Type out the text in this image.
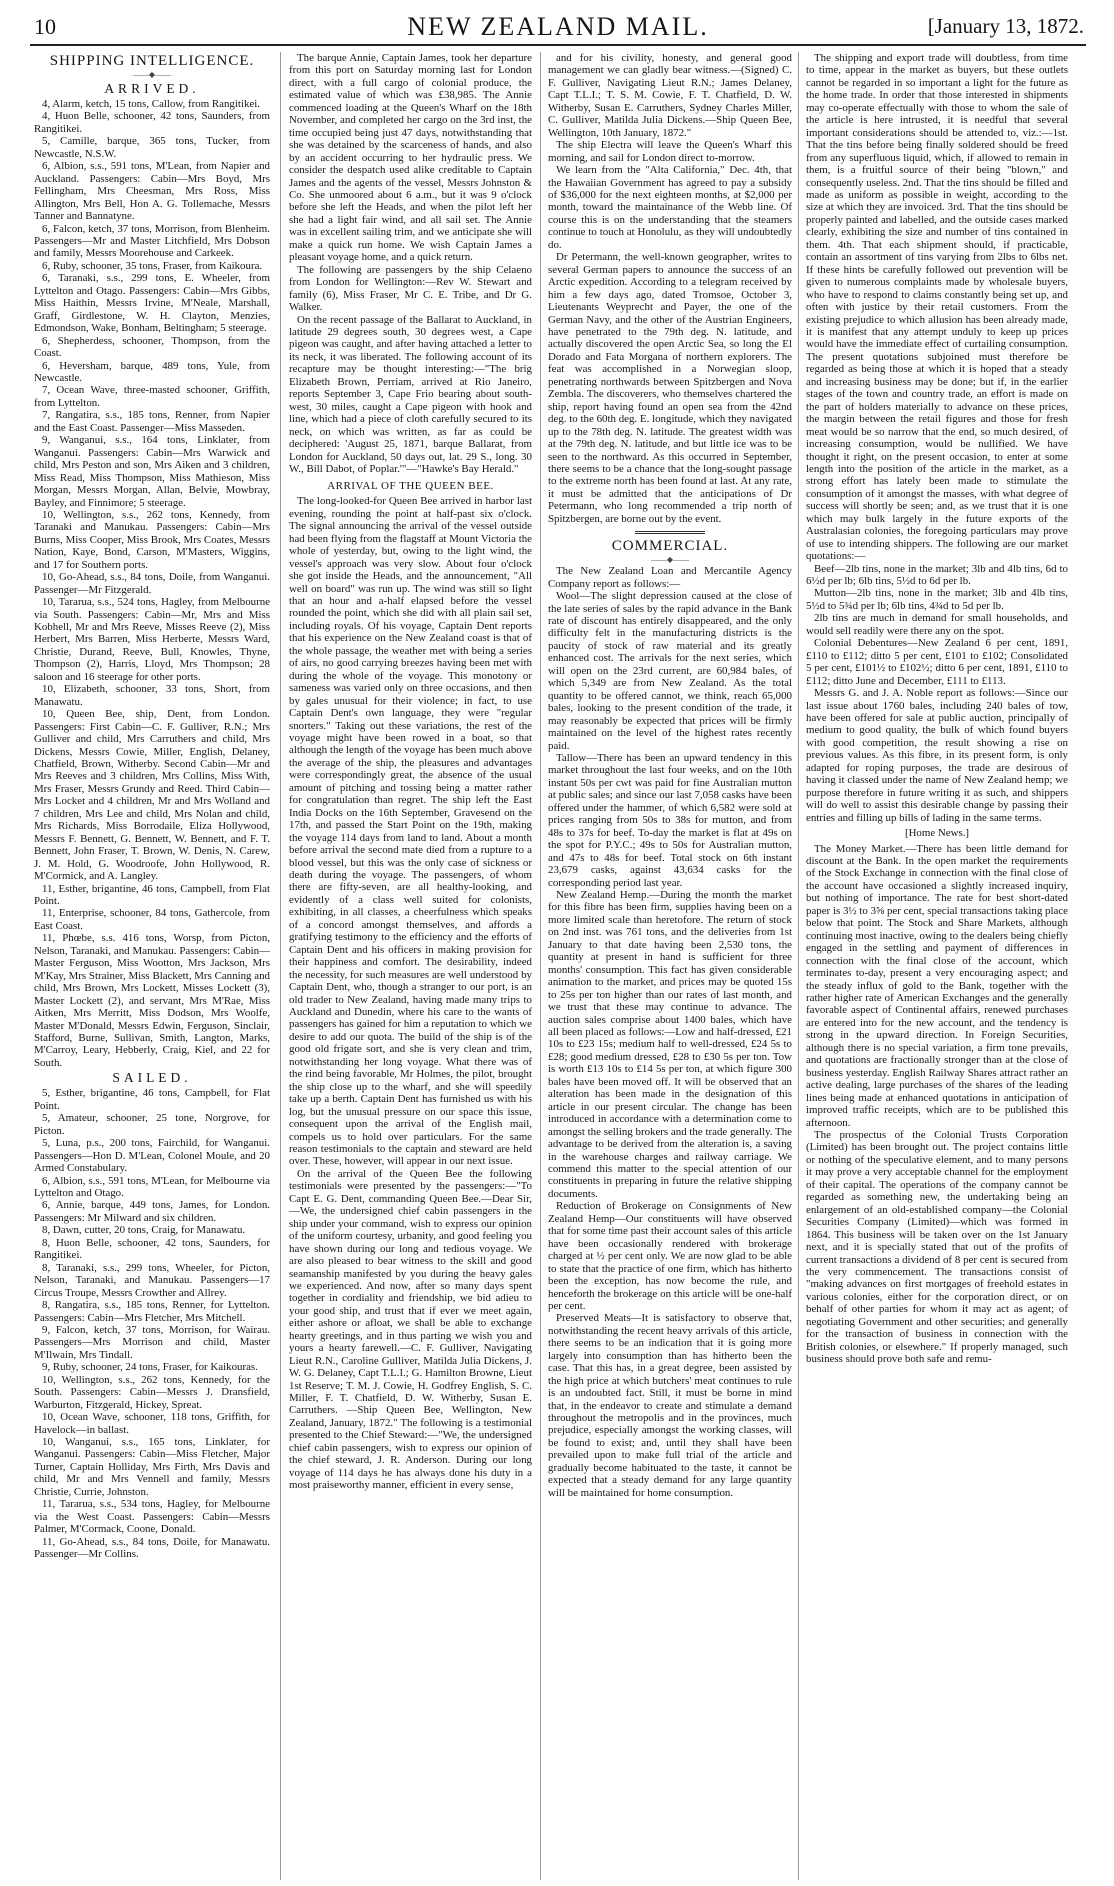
10	NEW ZEALAND MAIL.	[January 13, 1872.
SHIPPING INTELLIGENCE.
——◆——
ARRIVED.

4, Alarm, ketch, 15 tons, Callow, from Rangitikei.

4, Huon Belle, schooner, 42 tons, Saunders, from Rangitikei.

5, Camille, barque, 365 tons, Tucker, from Newcastle, N.S.W.

6, Albion, s.s., 591 tons, M'Lean, from Napier and Auckland. Passengers: Cabin—Mrs Boyd, Mrs Fellingham, Mrs Cheesman, Mrs Ross, Miss Allington, Mrs Bell, Hon A. G. Tollemache, Messrs Tanner and Bannatyne.

6, Falcon, ketch, 37 tons, Morrison, from Blenheim. Passengers—Mr and Master Litchfield, Mrs Dobson and family, Messrs Moorehouse and Carkeek.

6, Ruby, schooner, 35 tons, Fraser, from Kaikoura.

6, Taranaki, s.s., 299 tons, E. Wheeler, from Lyttelton and Otago. Passengers: Cabin—Mrs Gibbs, Miss Haithin, Messrs Irvine, M'Neale, Marshall, Graff, Girdlestone, W. H. Clayton, Menzies, Edmondson, Wake, Bonham, Beltingham; 5 steerage.

6, Shepherdess, schooner, Thompson, from the Coast.

6, Heversham, barque, 489 tons, Yule, from Newcastle.

7, Ocean Wave, three-masted schooner, Griffith, from Lyttelton.

7, Rangatira, s.s., 185 tons, Renner, from Napier and the East Coast. Passenger—Miss Masseden.

9, Wanganui, s.s., 164 tons, Linklater, from Wanganui. Passengers: Cabin—Mrs Warwick and child, Mrs Peston and son, Mrs Aiken and 3 children, Miss Read, Miss Thompson, Miss Mathieson, Miss Morgan, Messrs Morgan, Allan, Belvie, Mowbray, Bayley, and Finnimore; 5 steerage.

10, Wellington, s.s., 262 tons, Kennedy, from Taranaki and Manukau. Passengers: Cabin—Mrs Burns, Miss Cooper, Miss Brook, Mrs Coates, Messrs Nation, Kaye, Bond, Carson, M'Masters, Wiggins, and 17 for Southern ports.

10, Go-Ahead, s.s., 84 tons, Doile, from Wanganui. Passenger—Mr Fitzgerald.

10, Tararua, s.s., 524 tons, Hagley, from Melbourne via South. Passengers: Cabin—Mr, Mrs and Miss Kobhell, Mr and Mrs Reeve, Misses Reeve (2), Miss Herbert, Mrs Barren, Miss Herberte, Messrs Ward, Christie, Durand, Reeve, Bull, Knowles, Thyne, Thompson (2), Harris, Lloyd, Mrs Thompson; 28 saloon and 16 steerage for other ports.

10, Elizabeth, schooner, 33 tons, Short, from Manawatu.

10, Queen Bee, ship, Dent, from London. Passengers: First Cabin—C. F. Gulliver, R.N.; Mrs Gulliver and child, Mrs Carruthers and child, Mrs Dickens, Messrs Cowie, Miller, English, Delaney, Chatfield, Brown, Witherby. Second Cabin—Mr and Mrs Reeves and 3 children, Mrs Collins, Miss With, Mrs Fraser, Messrs Grundy and Reed. Third Cabin—Mrs Locket and 4 children, Mr and Mrs Wolland and 7 children, Mrs Lee and child, Mrs Nolan and child, Mrs Richards, Miss Borrodaile, Eliza Hollywood, Messrs F. Bennett, G. Bennett, W. Bennett, and F. T. Bennett, John Fraser, T. Brown, W. Denis, N. Carew, J. M. Hold, G. Woodroofe, John Hollywood, R. M'Cormick, and A. Langley.

11, Esther, brigantine, 46 tons, Campbell, from Flat Point.

11, Enterprise, schooner, 84 tons, Gathercole, from East Coast.

11, Phœbe, s.s. 416 tons, Worsp, from Picton, Nelson, Taranaki, and Manukau. Passengers: Cabin—Master Ferguson, Miss Wootton, Mrs Jackson, Mrs M'Kay, Mrs Strainer, Miss Blackett, Mrs Canning and child, Mrs Brown, Mrs Lockett, Misses Lockett (3), Master Lockett (2), and servant, Mrs M'Rae, Miss Aitken, Mrs Merritt, Miss Dodson, Mrs Woolfe, Master M'Donald, Messrs Edwin, Ferguson, Sinclair, Stafford, Burne, Sullivan, Smith, Langton, Marks, M'Carroy, Leary, Hebberly, Craig, Kiel, and 22 for South.

SAILED.

5, Esther, brigantine, 46 tons, Campbell, for Flat Point.

5, Amateur, schooner, 25 tone, Norgrove, for Picton.

5, Luna, p.s., 200 tons, Fairchild, for Wanganui. Passengers—Hon D. M'Lean, Colonel Moule, and 20 Armed Constabulary.

6, Albion, s.s., 591 tons, M'Lean, for Melbourne via Lyttelton and Otago.

6, Annie, barque, 449 tons, James, for London. Passengers: Mr Milward and six children.

8, Dawn, cutter, 20 tons, Craig, for Manawatu.

8, Huon Belle, schooner, 42 tons, Saunders, for Rangitikei.

8, Taranaki, s.s., 299 tons, Wheeler, for Picton, Nelson, Taranaki, and Manukau. Passengers—17 Circus Troupe, Messrs Crowther and Allrey.

8, Rangatira, s.s., 185 tons, Renner, for Lyttelton. Passengers: Cabin—Mrs Fletcher, Mrs Mitchell.

9, Falcon, ketch, 37 tons, Morrison, for Wairau. Passengers—Mrs Morrison and child, Master M'Ilwain, Mrs Tindall.

9, Ruby, schooner, 24 tons, Fraser, for Kaikouras.

10, Wellington, s.s., 262 tons, Kennedy, for the South. Passengers: Cabin—Messrs J. Dransfield, Warburton, Fitzgerald, Hickey, Spreat.

10, Ocean Wave, schooner, 118 tons, Griffith, for Havelock—in ballast.

10, Wanganui, s.s., 165 tons, Linklater, for Wanganui. Passengers: Cabin—Miss Fletcher, Major Turner, Captain Holliday, Mrs Firth, Mrs Davis and child, Mr and Mrs Vennell and family, Messrs Christie, Currie, Johnston.

11, Tararua, s.s., 534 tons, Hagley, for Melbourne via the West Coast. Passengers: Cabin—Messrs Palmer, M'Cormack, Coone, Donald.

11, Go-Ahead, s.s., 84 tons, Doile, for Manawatu. Passenger—Mr Collins.

The barque Annie, Captain James, took her departure from this port on Saturday morning last for London direct, with a full cargo of colonial produce, the estimated value of which was £38,985. The Annie commenced loading at the Queen's Wharf on the 18th November, and completed her cargo on the 3rd inst, the time occupied being just 47 days, notwithstanding that she was detained by the scarceness of hands, and also by an accident occurring to her hydraulic press. We consider the despatch used alike creditable to Captain James and the agents of the vessel, Messrs Johnston & Co. She unmoored about 6 a.m., but it was 9 o'clock before she left the Heads, and when the pilot left her she had a light fair wind, and all sail set. The Annie was in excellent sailing trim, and we anticipate she will make a quick run home. We wish Captain James a pleasant voyage home, and a quick return.

The following are passengers by the ship Celaeno from London for Wellington:—Rev W. Stewart and family (6), Miss Fraser, Mr C. E. Tribe, and Dr G. Walker.

On the recent passage of the Ballarat to Auckland, in latitude 29 degrees south, 30 degrees west, a Cape pigeon was caught, and after having attached a letter to its neck, it was liberated. The following account of its recapture may be thought interesting:—"The brig Elizabeth Brown, Perriam, arrived at Rio Janeiro, reports September 3, Cape Frio bearing about south-west, 30 miles, caught a Cape pigeon with hook and line, which had a piece of cloth carefully secured to its neck, on which was written, as far as could be deciphered: 'August 25, 1871, barque Ballarat, from London for Auckland, 50 days out, lat. 29 S., long. 30 W., Bill Dabot, of Poplar.'"—"Hawke's Bay Herald."

ARRIVAL OF THE QUEEN BEE.

The long-looked-for Queen Bee arrived in harbor last evening, rounding the point at half-past six o'clock. The signal announcing the arrival of the vessel outside had been flying from the flagstaff at Mount Victoria the whole of yesterday, but, owing to the light wind, the vessel's approach was very slow. About four o'clock she got inside the Heads, and the announcement, "All well on board" was run up. The wind was still so light that an hour and a-half elapsed before the vessel rounded the point, which she did with all plain sail set, including royals. Of his voyage, Captain Dent reports that his experience on the New Zealand coast is that of the whole passage, the weather met with being a series of airs, no good carrying breezes having been met with during the whole of the voyage. This monotony or sameness was varied only on three occasions, and then by gales unusual for their violence; in fact, to use Captain Dent's own language, they were "regular snorters." Taking out these variations, the rest of the voyage might have been rowed in a boat, so that although the length of the voyage has been much above the average of the ship, the pleasures and advantages were correspondingly great, the absence of the usual amount of pitching and tossing being a matter rather for congratulation than regret. The ship left the East India Docks on the 16th September, Gravesend on the 17th, and passed the Start Point on the 19th, making the voyage 114 days from land to land. About a month before arrival the second mate died from a rupture to a blood vessel, but this was the only case of sickness or death during the voyage. The passengers, of whom there are fifty-seven, are all healthy-looking, and evidently of a class well suited for colonists, exhibiting, in all classes, a cheerfulness which speaks of a concord amongst themselves, and affords a gratifying testimony to the efficiency and the efforts of Captain Dent and his officers in making provision for their happiness and comfort. The desirability, indeed the necessity, for such measures are well understood by Captain Dent, who, though a stranger to our port, is an old trader to New Zealand, having made many trips to Auckland and Dunedin, where his care to the wants of passengers has gained for him a reputation to which we desire to add our quota. The build of the ship is of the good old frigate sort, and she is very clean and trim, notwithstanding her long voyage. What there was of the rind being favorable, Mr Holmes, the pilot, brought the ship close up to the wharf, and she will speedily take up a berth. Captain Dent has furnished us with his log, but the unusual pressure on our space this issue, consequent upon the arrival of the English mail, compels us to hold over particulars. For the same reason testimonials to the captain and steward are held over. These, however, will appear in our next issue.

On the arrival of the Queen Bee the following testimonials were presented by the passengers:—"To Capt E. G. Dent, commanding Queen Bee.—Dear Sir,—We, the undersigned chief cabin passengers in the ship under your command, wish to express our opinion of the uniform courtesy, urbanity, and good feeling you have shown during our long and tedious voyage. We are also pleased to bear witness to the skill and good seamanship manifested by you during the heavy gales we experienced. And now, after so many days spent together in cordiality and friendship, we bid adieu to your good ship, and trust that if ever we meet again, either ashore or afloat, we shall be able to exchange hearty greetings, and in thus parting we wish you and yours a hearty farewell.—C. F. Gulliver, Navigating Lieut R.N., Caroline Gulliver, Matilda Julia Dickens, J. W. G. Delaney, Capt T.L.I.; G. Hamilton Browne, Lieut 1st Reserve; T. M. J. Cowie, H. Godfrey English, S. C. Miller, F. T. Chatfield, D. W. Witherby, Susan E. Carruthers. —Ship Queen Bee, Wellington, New Zealand, January, 1872." The following is a testimonial presented to the Chief Steward:—"We, the undersigned chief cabin passengers, wish to express our opinion of the chief steward, J. R. Anderson. During our long voyage of 114 days he has always done his duty in a most praiseworthy manner, efficient in every sense,

and for his civility, honesty, and general good management we can gladly bear witness.—(Signed) C. F. Gulliver, Navigating Lieut R.N.; James Delaney, Capt T.L.I.; T. S. M. Cowie, F. T. Chatfield, D. W. Witherby, Susan E. Carruthers, Sydney Charles Miller, C. Gulliver, Matilda Julia Dickens.—Ship Queen Bee, Wellington, 10th January, 1872."

The ship Electra will leave the Queen's Wharf this morning, and sail for London direct to-morrow.

We learn from the "Alta California," Dec. 4th, that the Hawaiian Government has agreed to pay a subsidy of $36,000 for the next eighteen months, at $2,000 per month, toward the maintainance of the Webb line. Of course this is on the understanding that the steamers continue to touch at Honolulu, as they will undoubtedly do.

Dr Petermann, the well-known geographer, writes to several German papers to announce the success of an Arctic expedition. According to a telegram received by him a few days ago, dated Tromsoe, October 3, Lieutenants Weyprecht and Payer, the one of the German Navy, and the other of the Austrian Engineers, have penetrated to the 79th deg. N. latitude, and actually discovered the open Arctic Sea, so long the El Dorado and Fata Morgana of northern explorers. The feat was accomplished in a Norwegian sloop, penetrating northwards between Spitzbergen and Nova Zembla. The discoverers, who themselves chartered the ship, report having found an open sea from the 42nd deg. to the 60th deg. E. longitude, which they navigated up to the 78th deg. N. latitude. The greatest width was at the 79th deg. N. latitude, and but little ice was to be seen to the northward. As this occurred in September, there seems to be a chance that the long-sought passage to the extreme north has been found at last. At any rate, it must be admitted that the anticipations of Dr Petermann, who long recommended a trip north of Spitzbergen, are borne out by the event.

COMMERCIAL.
——◆——

The New Zealand Loan and Mercantile Agency Company report as follows:—

Wool—The slight depression caused at the close of the late series of sales by the rapid advance in the Bank rate of discount has entirely disappeared, and the only difficulty felt in the manufacturing districts is the paucity of stock of raw material and its greatly enhanced cost. The arrivals for the next series, which will open on the 23rd current, are 60,984 bales, of which 5,349 are from New Zealand. As the total quantity to be offered cannot, we think, reach 65,000 bales, looking to the present condition of the trade, it may reasonably be expected that prices will be firmly maintained on the level of the highest rates recently paid.

Tallow—There has been an upward tendency in this market throughout the last four weeks, and on the 10th instant 50s per cwt was paid for fine Australian mutton at public sales; and since our last 7,058 casks have been offered under the hammer, of which 6,582 were sold at prices ranging from 50s to 38s for mutton, and from 48s to 37s for beef. To-day the market is flat at 49s on the spot for P.Y.C.; 49s to 50s for Australian mutton, and 47s to 48s for beef. Total stock on 6th instant 23,679 casks, against 43,634 casks for the corresponding period last year.

New Zealand Hemp.—During the month the market for this fibre has been firm, supplies having been on a more limited scale than heretofore. The return of stock on 2nd inst. was 761 tons, and the deliveries from 1st January to that date having been 2,530 tons, the quantity at present in hand is sufficient for three months' consumption. This fact has given considerable animation to the market, and prices may be quoted 15s to 25s per ton higher than our rates of last month, and we trust that these may continue to advance. The auction sales comprise about 1400 bales, which have all been placed as follows:—Low and half-dressed, £21 10s to £23 15s; medium half to well-dressed, £24 5s to £28; good medium dressed, £28 to £30 5s per ton. Tow is worth £13 10s to £14 5s per ton, at which figure 300 bales have been moved off. It will be observed that an alteration has been made in the designation of this article in our present circular. The change has been introduced in accordance with a determination come to amongst the selling brokers and the trade generally. The advantage to be derived from the alteration is, a saving in the warehouse charges and railway carriage. We commend this matter to the special attention of our constituents in preparing in future the relative shipping documents.

Reduction of Brokerage on Consignments of New Zealand Hemp—Our constituents will have observed that for some time past their account sales of this article have been occasionally rendered with brokerage charged at ½ per cent only. We are now glad to be able to state that the practice of one firm, which has hitherto been the exception, has now become the rule, and henceforth the brokerage on this article will be one-half per cent.

Preserved Meats—It is satisfactory to observe that, notwithstanding the recent heavy arrivals of this article, there seems to be an indication that it is going more largely into consumption than has hitherto been the case. That this has, in a great degree, been assisted by the high price at which butchers' meat continues to rule is an undoubted fact. Still, it must be borne in mind that, in the endeavor to create and stimulate a demand throughout the metropolis and in the provinces, much prejudice, especially amongst the working classes, will be found to exist; and, until they shall have been prevailed upon to make full trial of the article and gradually become habituated to the taste, it cannot be expected that a steady demand for any large quantity will be maintained for home consumption.

The shipping and export trade will doubtless, from time to time, appear in the market as buyers, but these outlets cannot be regarded in so important a light for the future as the home trade. In order that those interested in shipments may co-operate effectually with those to whom the sale of the article is here intrusted, it is needful that several important considerations should be attended to, viz.:—1st. That the tins before being finally soldered should be freed from any superfluous liquid, which, if allowed to remain in them, is a fruitful source of their being "blown," and consequently useless. 2nd. That the tins should be filled and made as uniform as possible in weight, according to the size at which they are invoiced. 3rd. That the tins should be properly painted and labelled, and the outside cases marked clearly, exhibiting the size and number of tins contained in them. 4th. That each shipment should, if practicable, contain an assortment of tins varying from 2lbs to 6lbs net. If these hints be carefully followed out prevention will be given to numerous complaints made by wholesale buyers, who have to respond to claims constantly being set up, and often with justice by their retail customers. From the existing prejudice to which allusion has been already made, it is manifest that any attempt unduly to keep up prices would have the immediate effect of curtailing consumption. The present quotations subjoined must therefore be regarded as being those at which it is hoped that a steady and increasing business may be done; but if, in the earlier stages of the town and country trade, an effort is made on the part of holders materially to advance on these prices, the margin between the retail figures and those for fresh meat would be so narrow that the end, so much desired, of increasing consumption, would be nullified. We have thought it right, on the present occasion, to enter at some length into the position of the article in the market, as a strong effort has lately been made to stimulate the consumption of it amongst the masses, with what degree of success will shortly be seen; and, as we trust that it is one which may bulk largely in the future exports of the Australasian colonies, the foregoing particulars may prove of use to intending shippers. The following are our market quotations:—

Beef—2lb tins, none in the market; 3lb and 4lb tins, 6d to 6½d per lb; 6lb tins, 5½d to 6d per lb.

Mutton—2lb tins, none in the market; 3lb and 4lb tins, 5½d to 5¾d per lb; 6lb tins, 4¾d to 5d per lb.

2lb tins are much in demand for small households, and would sell readily were there any on the spot.

Colonial Debentures—New Zealand 6 per cent, 1891, £110 to £112; ditto 5 per cent, £101 to £102; Consolidated 5 per cent, £101½ to £102½; ditto 6 per cent, 1891, £110 to £112; ditto June and December, £111 to £113.

Messrs G. and J. A. Noble report as follows:—Since our last issue about 1760 bales, including 240 bales of tow, have been offered for sale at public auction, principally of medium to good quality, the bulk of which found buyers with good competition, the result showing a rise on previous values. As this fibre, in its present form, is only adapted for roping purposes, the trade are desirous of having it classed under the name of New Zealand hemp; we purpose therefore in future writing it as such, and shippers will do well to assist this desirable change by passing their entries and filling up bills of lading in the same terms.

[Home News.]

The Money Market.—There has been little demand for discount at the Bank. In the open market the requirements of the Stock Exchange in connection with the final close of the account have occasioned a slightly increased inquiry, but nothing of importance. The rate for best short-dated paper is 3½ to 3⅝ per cent, special transactions taking place below that point. The Stock and Share Markets, although continuing most inactive, owing to the dealers being chiefly engaged in the settling and payment of differences in connection with the final close of the account, which terminates to-day, present a very encouraging aspect; and the steady influx of gold to the Bank, together with the rather higher rate of American Exchanges and the generally favorable aspect of Continental affairs, renewed purchases are entered into for the new account, and the tendency is strong in the upward direction. In Foreign Securities, although there is no special variation, a firm tone prevails, and quotations are fractionally stronger than at the close of business yesterday. English Railway Shares attract rather an active dealing, large purchases of the shares of the leading lines being made at enhanced quotations in anticipation of improved traffic receipts, which are to be published this afternoon.

The prospectus of the Colonial Trusts Corporation (Limited) has been brought out. The project contains little or nothing of the speculative element, and to many persons it may prove a very acceptable channel for the employment of their capital. The operations of the company cannot be regarded as something new, the undertaking being an enlargement of an old-established company—the Colonial Securities Company (Limited)—which was formed in 1864. This business will be taken over on the 1st January next, and it is specially stated that out of the profits of current transactions a dividend of 8 per cent is secured from the very commencement. The transactions consist of "making advances on first mortgages of freehold estates in various colonies, either for the corporation direct, or on behalf of other parties for whom it may act as agent; of negotiating Government and other securities; and generally for the transaction of business in connection with the British colonies, or elsewhere." If properly managed, such business should prove both safe and remu-
